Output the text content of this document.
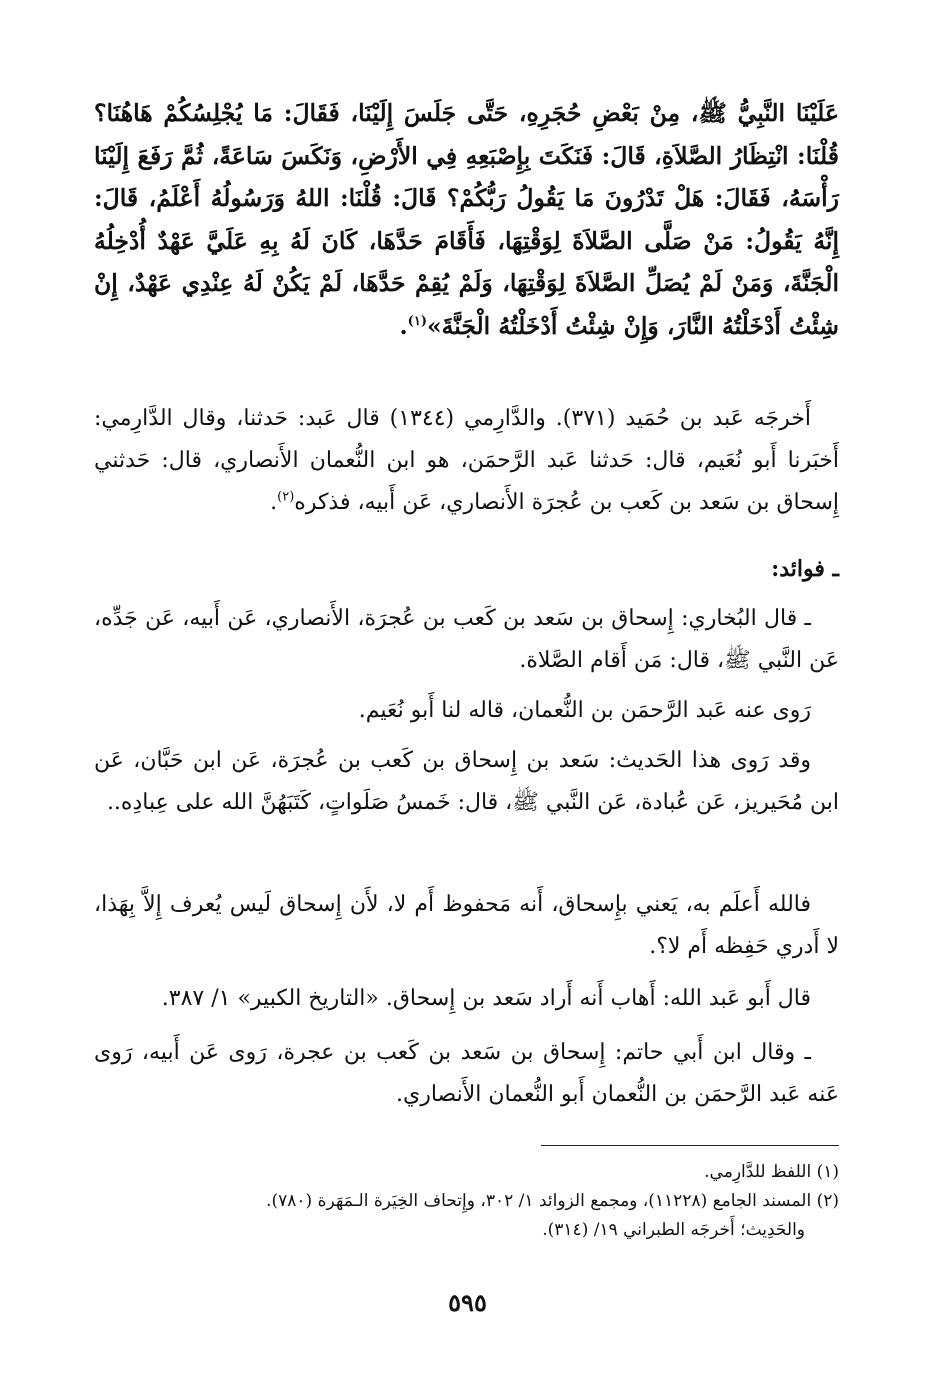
عَلَيْنَا النَّبِيُّ ﷺ، مِنْ بَعْضِ حُجَرِهِ، حَتَّى جَلَسَ إِلَيْنَا، فَقَالَ: مَا يُجْلِسُكُمْ هَاهُنَا؟ قُلْنَا: انْتِظَارُ الصَّلاَةِ، قَالَ: فَنَكَتَ بِإِصْبَعِهِ فِي الأَرْضِ، وَنَكَسَ سَاعَةً، ثُمَّ رَفَعَ إِلَيْنَا رَأْسَهُ، فَقَالَ: هَلْ تَدْرُونَ مَا يَقُولُ رَبُّكُمْ؟ قَالَ: قُلْنَا: اللهُ وَرَسُولُهُ أَعْلَمُ، قَالَ: إِنَّهُ يَقُولُ: مَنْ صَلَّى الصَّلاَةَ لِوَقْتِهَا، فَأَقَامَ حَدَّهَا، كَانَ لَهُ بِهِ عَلَيَّ عَهْدٌ أُدْخِلُهُ الْجَنَّةَ، وَمَنْ لَمْ يُصَلِّ الصَّلاَةَ لِوَقْتِهَا، وَلَمْ يُقِمْ حَدَّهَا، لَمْ يَكُنْ لَهُ عِنْدِي عَهْدٌ، إِنْ شِئْتُ أَدْخَلْتُهُ النَّارَ، وَإِنْ شِئْتُ أَدْخَلْتُهُ الْجَنَّةَ»$^{(١)}$.

أَخرجَه عَبد بن حُمَيد (٣٧١). والدَّارِمي (١٣٤٤) قال عَبد: حَدثنا، وقال الدَّارِمي: أَخبَرنا أَبو نُعَيم، قال: حَدثنا عَبد الرَّحمَن، هو ابن النُّعمان الأَنصاري، قال: حَدثني إِسحاق بن سَعد بن كَعب بن عُجرَة الأَنصاري، عَن أَبيه، فذكره$^{(٢)}$.

ـ فوائد:

ـ قال البُخاري: إِسحاق بن سَعد بن كَعب بن عُجرَة، الأَنصاري، عَن أَبيه، عَن جَدِّه، عَن النَّبي ﷺ، قال: مَن أَقام الصَّلاة.

رَوى عنه عَبد الرَّحمَن بن النُّعمان، قاله لنا أَبو نُعَيم.

وقد رَوى هذا الحَديث: سَعد بن إِسحاق بن كَعب بن عُجرَة، عَن ابن حَبَّان، عَن ابن مُحَيريز، عَن عُبادة، عَن النَّبي ﷺ، قال: خَمسُ صَلَواتٍ، كَتَبَهُنَّ الله على عِبادِه..

فالله أَعلَم به، يَعني بإِسحاق، أَنه مَحفوظ أَم لا، لأَن إِسحاق لَيس يُعرف إِلاَّ بِهَذا، لا أَدري حَفِظه أَم لا؟.

قال أَبو عَبد الله: أَهاب أَنه أَراد سَعد بن إِسحاق. «التاريخ الكبير» ١/ ٣٨٧.

ـ وقال ابن أَبي حاتم: إِسحاق بن سَعد بن كَعب بن عجرة، رَوى عَن أَبيه، رَوى عَنه عَبد الرَّحمَن بن النُّعمان أَبو النُّعمان الأَنصاري.

(١) اللفظ للدَّارِمي.
(٢) المسند الجامع (١١٢٢٨)، ومجمع الزوائد ١/ ٣٠٢، وإِتحاف الخِيَرة الـمَهَرة (٧٨٠).
والحَدِيث؛ أَخرجَه الطبراني ١٩/ (٣١٤).
٥٩٥
